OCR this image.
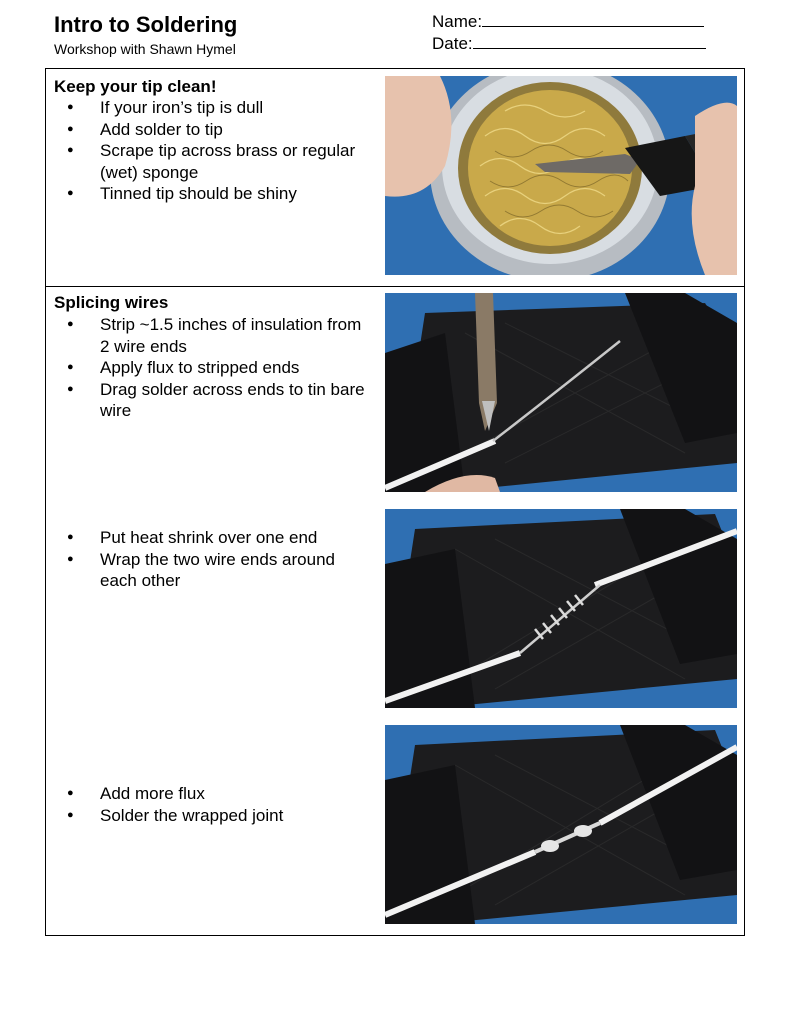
Intro to Soldering
Workshop with Shawn Hymel
Name:
Date:
Keep your tip clean!
● If your iron’s tip is dull
● Add solder to tip
● Scrape tip across brass or regular (wet) sponge
● Tinned tip should be shiny
Splicing wires
● Strip ~1.5 inches of insulation from 2 wire ends
● Apply flux to stripped ends
● Drag solder across ends to tin bare wire
● Put heat shrink over one end
● Wrap the two wire ends around each other
● Add more flux
● Solder the wrapped joint
